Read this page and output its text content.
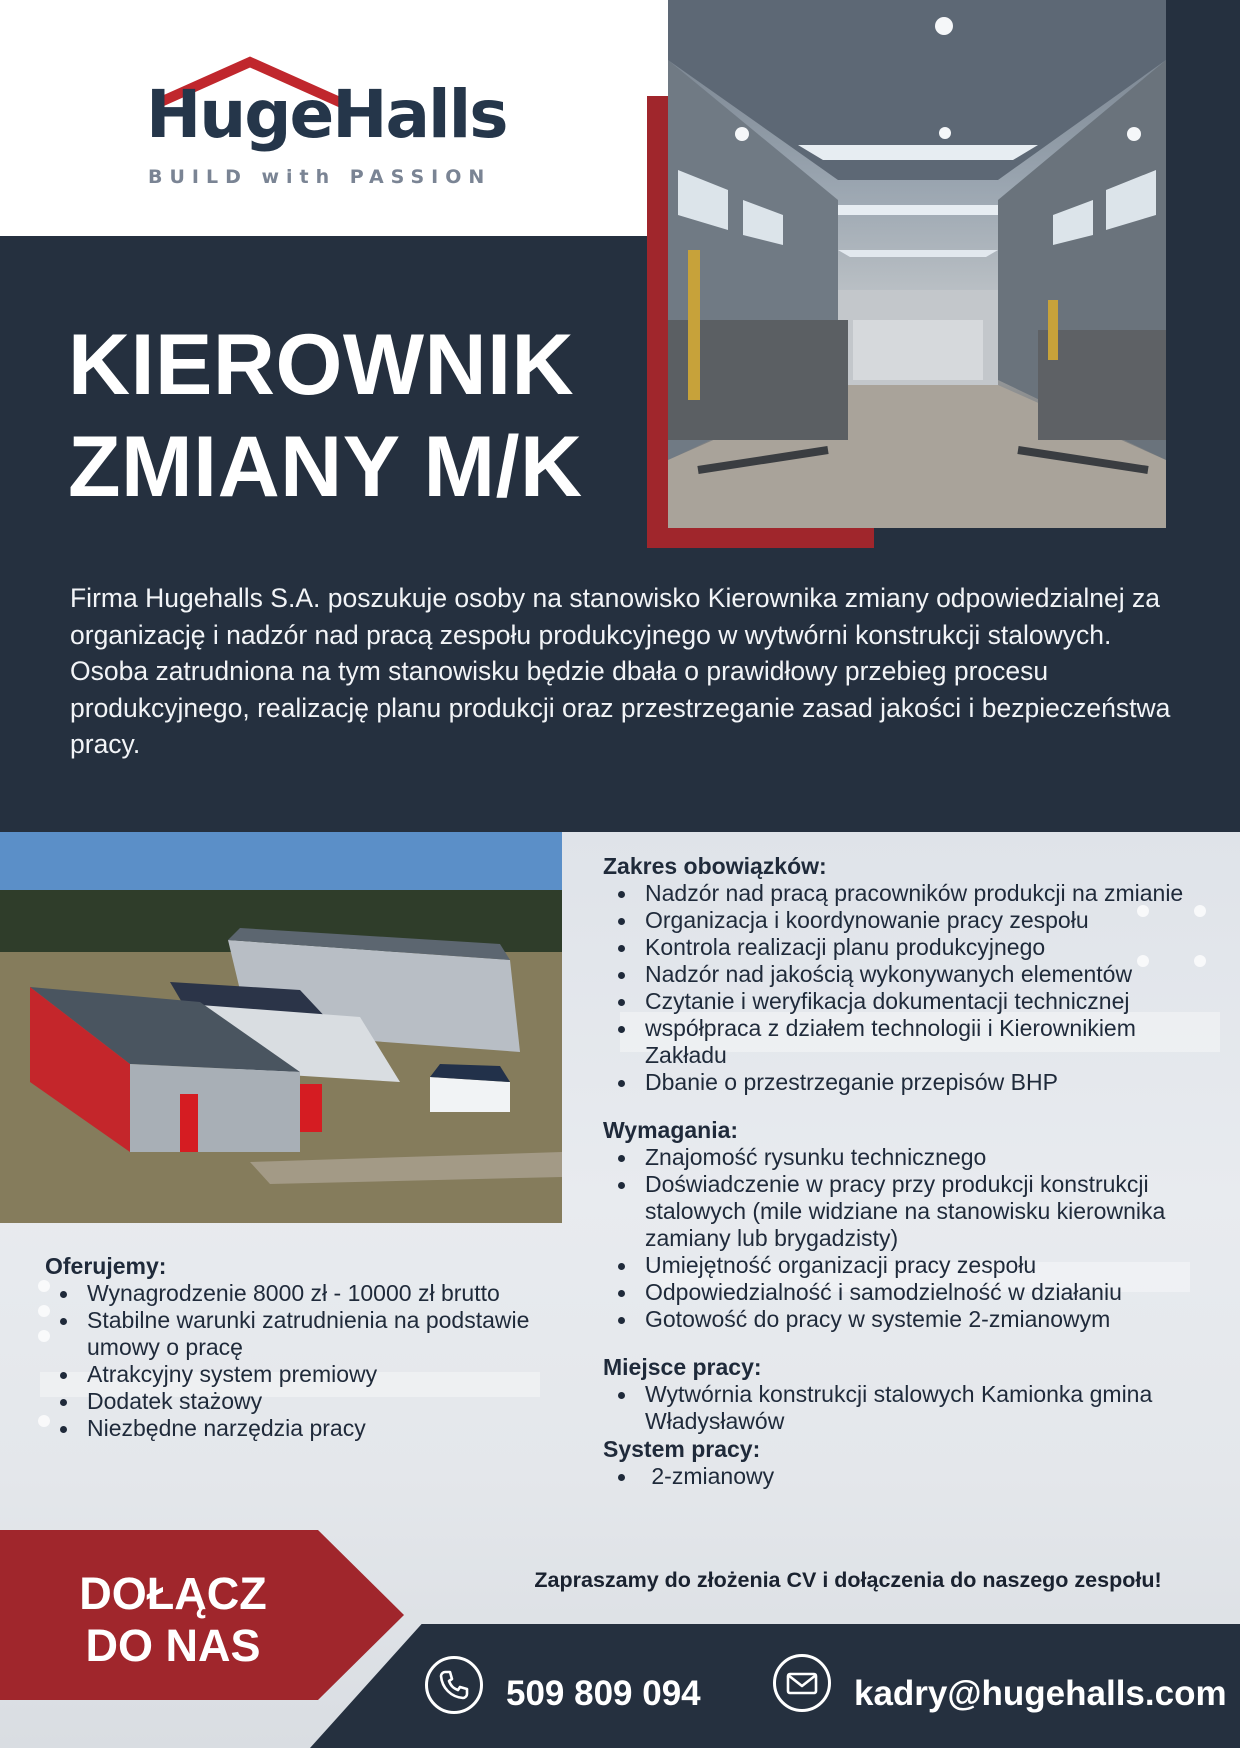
HugeHalls
BUILD with PASSION
KIEROWNIK
ZMIANY M/K

Firma Hugehalls S.A. poszukuje osoby na stanowisko Kierownika zmiany odpowiedzialnej za organizację i nadzór nad pracą zespołu produkcyjnego w wytwórni konstrukcji stalowych. Osoba zatrudniona na tym stanowisku będzie dbała o prawidłowy przebieg procesu produkcyjnego, realizację planu produkcji oraz przestrzeganie zasad jakości i bezpieczeństwa pracy.

Zakres obowiązków:
Nadzór nad pracą pracowników produkcji na zmianie
Organizacja i koordynowanie pracy zespołu
Kontrola realizacji planu produkcyjnego
Nadzór nad jakością wykonywanych elementów
Czytanie i weryfikacja dokumentacji technicznej
współpraca z działem technologii i Kierownikiem Zakładu
Dbanie o przestrzeganie przepisów BHP
Wymagania:
Znajomość rysunku technicznego
Doświadczenie w pracy przy produkcji konstrukcji stalowych (mile widziane na stanowisku kierownika zamiany lub brygadzisty)
Umiejętność organizacji pracy zespołu
Odpowiedzialność i samodzielność w działaniu
Gotowość do pracy w systemie 2-zmianowym
Miejsce pracy:
Wytwórnia konstrukcji stalowych Kamionka gmina Władysławów
System pracy:
2-zmianowy
Oferujemy:
Wynagrodzenie 8000 zł - 10000 zł brutto
Stabilne warunki zatrudnienia na podstawie umowy o pracę
Atrakcyjny system premiowy
Dodatek stażowy
Niezbędne narzędzia pracy
Zapraszamy do złożenia CV i dołączenia do naszego zespołu!
DOŁĄCZ
DO NAS
509 809 094	kadry@hugehalls.com
